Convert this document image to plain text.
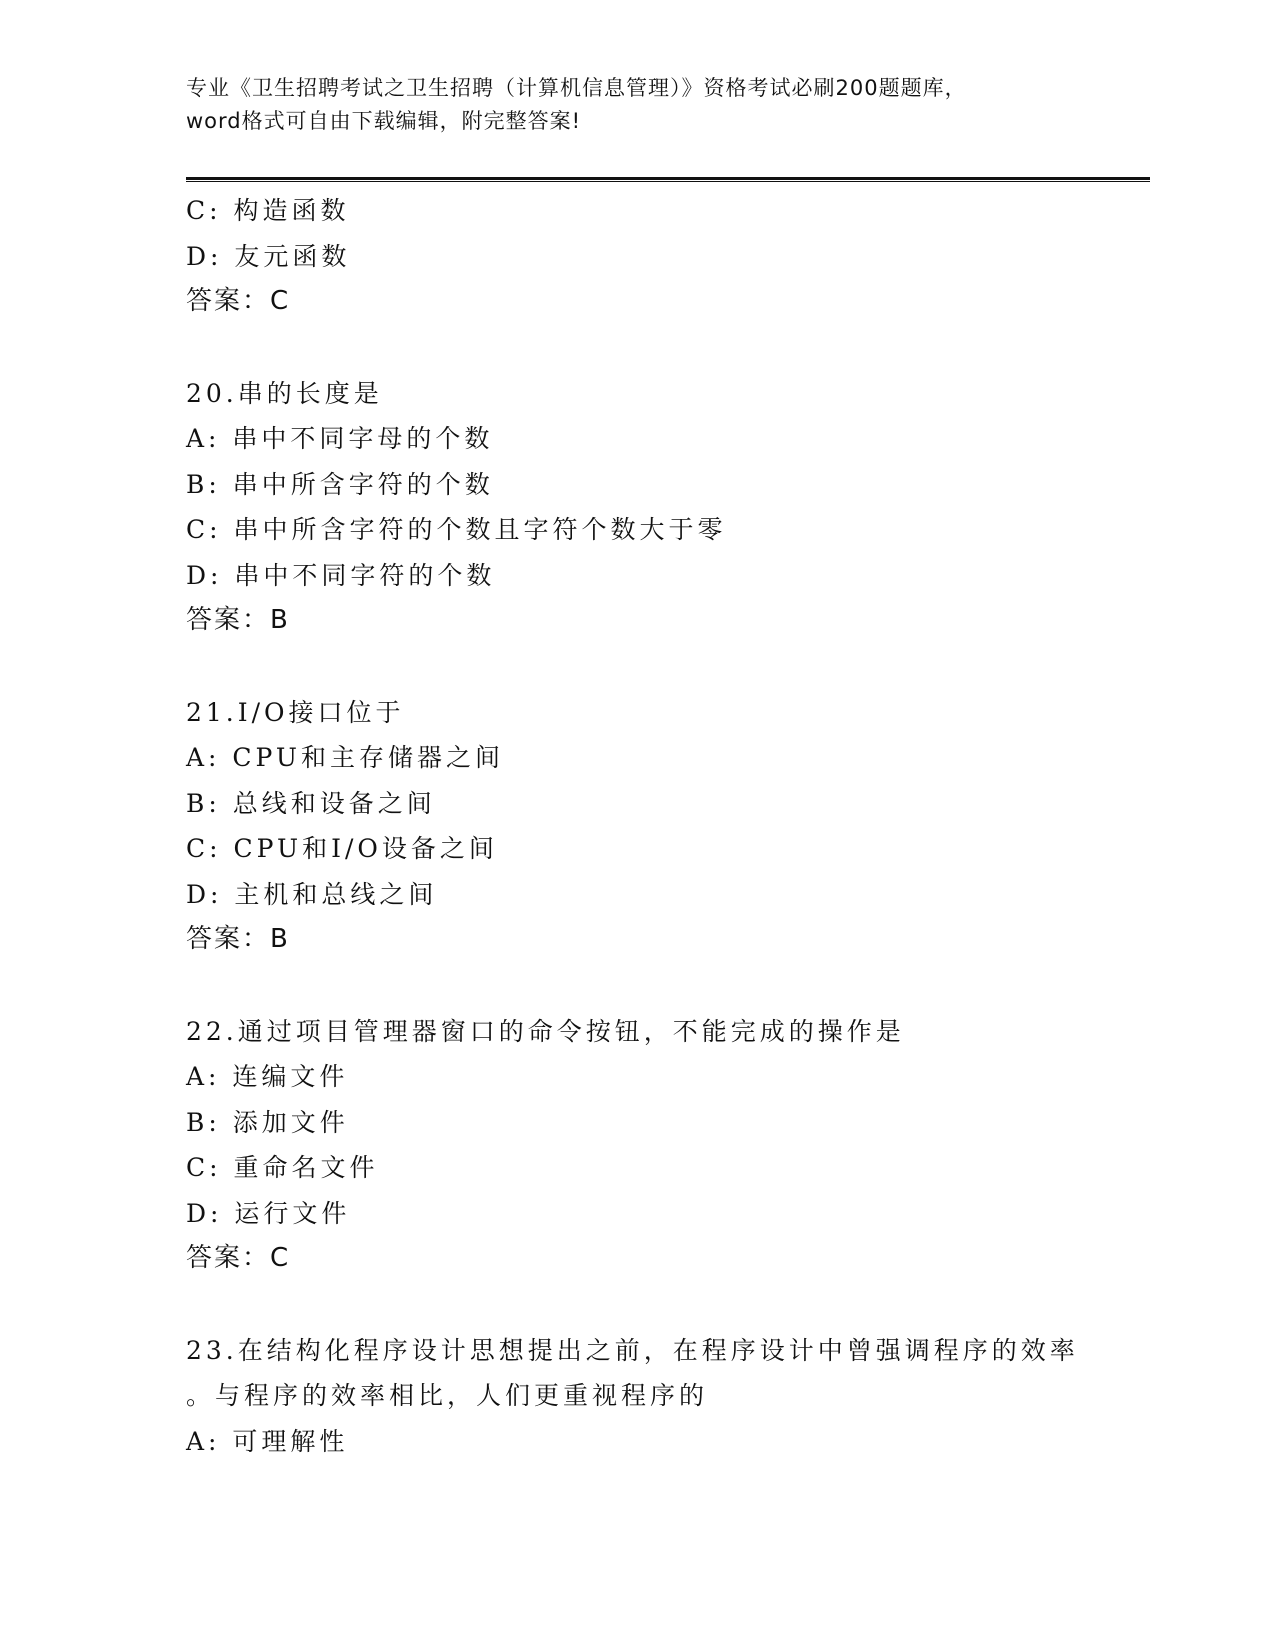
专业《卫生招聘考试之卫生招聘（计算机信息管理）》资格考试必刷200题题库，
word格式可自由下载编辑，附完整答案!
C: 构造函数
D: 友元函数
答案：C
20.串的长度是
A: 串中不同字母的个数
B: 串中所含字符的个数
C: 串中所含字符的个数且字符个数大于零
D: 串中不同字符的个数
答案：B
21.I/O接口位于
A: CPU和主存储器之间
B: 总线和设备之间
C: CPU和I/O设备之间
D: 主机和总线之间
答案：B
22.通过项目管理器窗口的命令按钮，不能完成的操作是
A: 连编文件
B: 添加文件
C: 重命名文件
D: 运行文件
答案：C
23.在结构化程序设计思想提出之前，在程序设计中曾强调程序的效率
。与程序的效率相比，人们更重视程序的
A: 可理解性
